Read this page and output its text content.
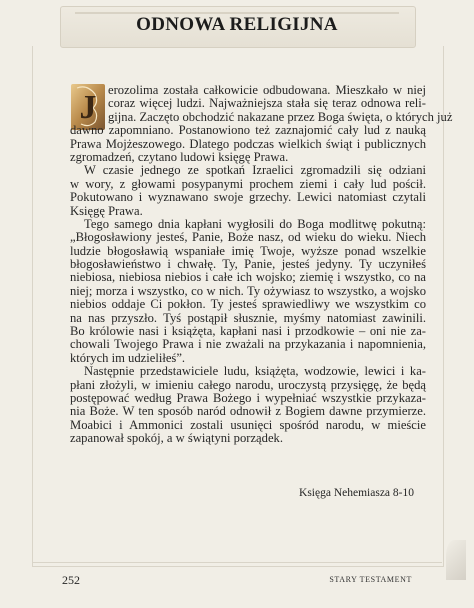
ODNOWA RELIGIJNA
J erozolima została całkowicie odbudowana. Mieszkało w niej
coraz więcej ludzi. Najważniejsza stała się teraz odnowa reli-
gijna. Zaczęto obchodzić nakazane przez Boga święta, o których już
dawno zapomniano. Postanowiono też zaznajomić cały lud z nauką
Prawa Mojżeszowego. Dlatego podczas wielkich świąt i publicznych
zgromadzeń, czytano ludowi księgę Prawa.
W czasie jednego ze spotkań Izraelici zgromadzili się odziani
w wory, z głowami posypanymi prochem ziemi i cały lud pościł.
Pokutowano i wyznawano swoje grzechy. Lewici natomiast czytali
Księgę Prawa.
Tego samego dnia kapłani wygłosili do Boga modlitwę pokutną:
„Błogosławiony jesteś, Panie, Boże nasz, od wieku do wieku. Niech
ludzie błogosławią wspaniałe imię Twoje, wyższe ponad wszelkie
błogosławieństwo i chwałę. Ty, Panie, jesteś jedyny. Ty uczyniłeś
niebiosa, niebiosa niebios i całe ich wojsko; ziemię i wszystko, co na
niej; morza i wszystko, co w nich. Ty ożywiasz to wszystko, a wojsko
niebios oddaje Ci pokłon. Ty jesteś sprawiedliwy we wszystkim co
na nas przyszło. Tyś postąpił słusznie, myśmy natomiast zawinili.
Bo królowie nasi i książęta, kapłani nasi i przodkowie – oni nie za-
chowali Twojego Prawa i nie zważali na przykazania i napomnienia,
których im udzieliłeś”.
Następnie przedstawiciele ludu, książęta, wodzowie, lewici i ka-
płani złożyli, w imieniu całego narodu, uroczystą przysięgę, że będą
postępować według Prawa Bożego i wypełniać wszystkie przykaza-
nia Boże. W ten sposób naród odnowił z Bogiem dawne przymierze.
Moabici i Ammonici zostali usunięci spośród narodu, w mieście
zapanował spokój, a w świątyni porządek.
Księga Nehemiasza 8-10
252	STARY TESTAMENT
